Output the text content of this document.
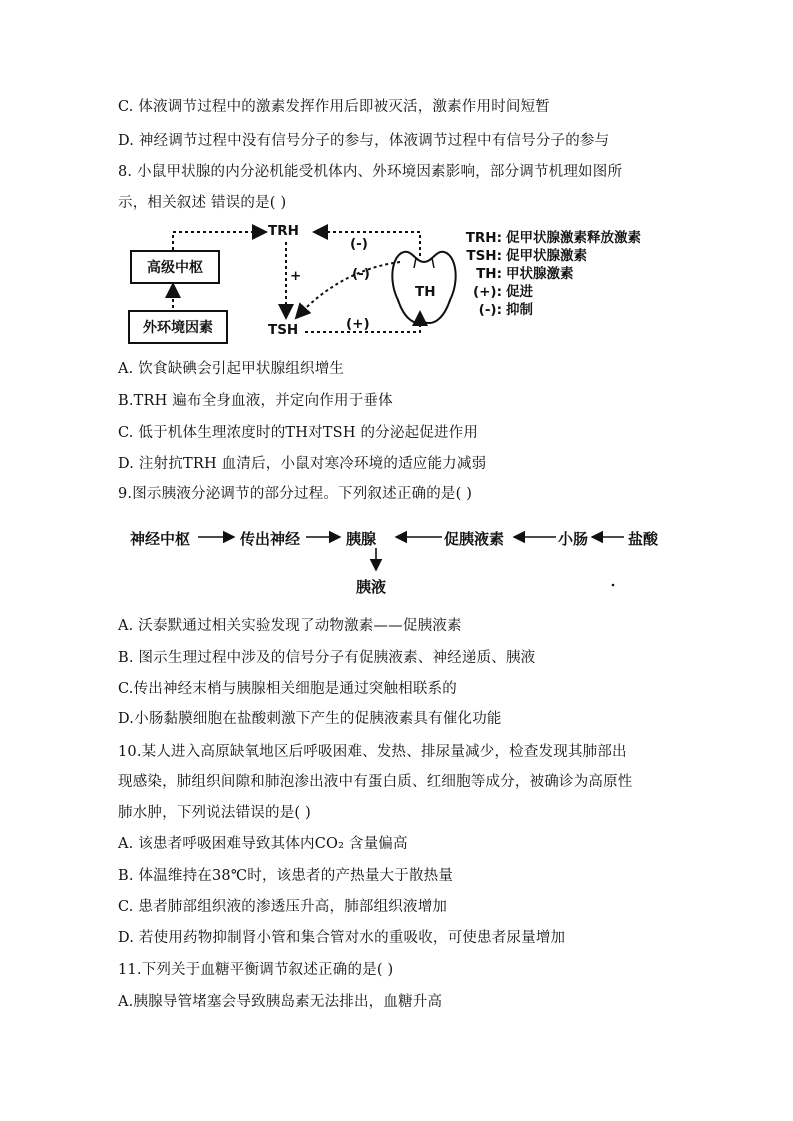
C. 体液调节过程中的激素发挥作用后即被灭活，激素作用时间短暂
D. 神经调节过程中没有信号分子的参与，体液调节过程中有信号分子的参与
8. 小鼠甲状腺的内分泌机能受机体内、外环境因素影响，部分调节机理如图所
示，相关叙述 错误的是( )
高级中枢
外环境因素
TRH
TSH
TH
(-)
(-)
(+)
+
TRH: 促甲状腺激素释放激素
TSH: 促甲状腺激素
TH: 甲状腺激素
(+): 促进
(-): 抑制
A. 饮食缺碘会引起甲状腺组织增生
B.TRH 遍布全身血液，并定向作用于垂体
C. 低于机体生理浓度时的TH对TSH 的分泌起促进作用
D. 注射抗TRH 血清后，小鼠对寒冷环境的适应能力减弱
9.图示胰液分泌调节的部分过程。下列叙述正确的是( )
神经中枢	传出神经	胰腺	促胰液素	小肠	盐酸
胰液
A. 沃泰默通过相关实验发现了动物激素——促胰液素
B. 图示生理过程中涉及的信号分子有促胰液素、神经递质、胰液
C.传出神经末梢与胰腺相关细胞是通过突触相联系的
D.小肠黏膜细胞在盐酸刺激下产生的促胰液素具有催化功能
10.某人进入高原缺氧地区后呼吸困难、发热、排尿量减少，检查发现其肺部出
现感染，肺组织间隙和肺泡渗出液中有蛋白质、红细胞等成分，被确诊为高原性
肺水肿，下列说法错误的是( )
A. 该患者呼吸困难导致其体内CO₂ 含量偏高
B. 体温维持在38℃时，该患者的产热量大于散热量
C. 患者肺部组织液的渗透压升高，肺部组织液增加
D. 若使用药物抑制肾小管和集合管对水的重吸收，可使患者尿量增加
11.下列关于血糖平衡调节叙述正确的是( )
A.胰腺导管堵塞会导致胰岛素无法排出，血糖升高
